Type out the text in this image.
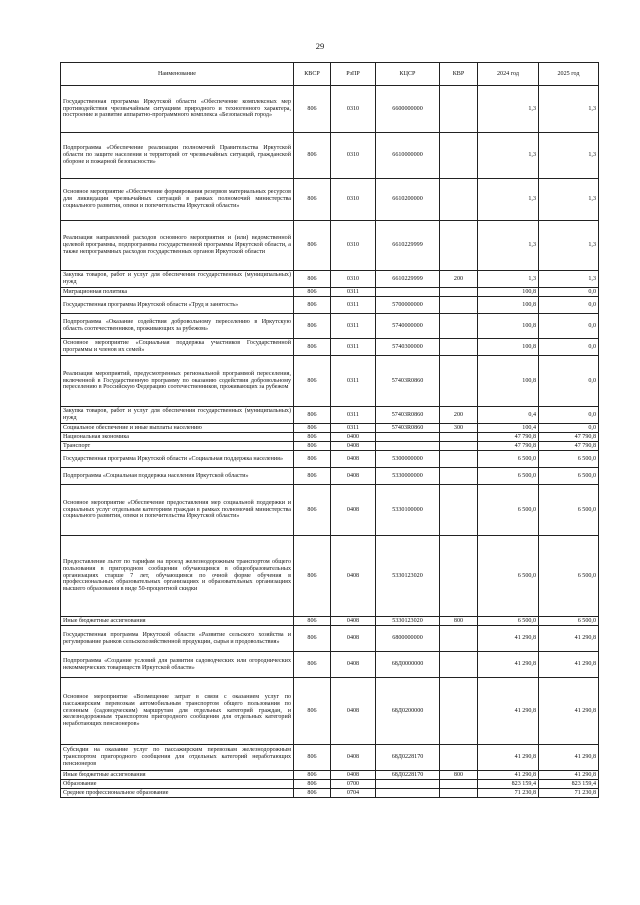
29
Наименование	КВСР	РзПР	КЦСР	КВР	2024 год	2025 год
Государственная программа Иркутской области «Обеспечение комплексных мер противодействия чрезвычайным ситуациям природного и техногенного характера, построение и развитие аппаратно-программного комплекса «Безопасный город»	806	0310	6600000000		1,3	1,3
Подпрограмма «Обеспечение реализации полномочий Правительства Иркутской области по защите населения и территорий от чрезвычайных ситуаций, гражданской обороне и пожарной безопасности»	806	0310	6610000000		1,3	1,3
Основное мероприятие «Обеспечение формирования резервов материальных ресурсов для ликвидации чрезвычайных ситуаций в рамках полномочий министерства социального развития, опеки и попечительства Иркутской области»	806	0310	6610200000		1,3	1,3
Реализация направлений расходов основного мероприятия и (или) ведомственной целевой программы, подпрограммы государственной программы Иркутской области, а также непрограммных расходов государственных органов Иркутской области	806	0310	6610229999		1,3	1,3
Закупка товаров, работ и услуг для обеспечения государственных (муниципальных) нужд	806	0310	6610229999	200	1,3	1,3
Миграционная политика	806	0311			100,8	0,0
Государственная программа Иркутской области «Труд и занятость»	806	0311	5700000000		100,8	0,0
Подпрограмма «Оказание содействия добровольному переселению в Иркутскую область соотечественников, проживающих за рубежом»	806	0311	5740000000		100,8	0,0
Основное мероприятие «Социальная поддержка участников Государственной программы и членов их семей»	806	0311	5740300000		100,8	0,0
Реализация мероприятий, предусмотренных региональной программой переселения, включенной в Государственную программу по оказанию содействия добровольному переселению в Российскую Федерацию соотечественников, проживающих за рубежом	806	0311	57403R0860		100,8	0,0
Закупка товаров, работ и услуг для обеспечения государственных (муниципальных) нужд	806	0311	57403R0860	200	0,4	0,0
Социальное обеспечение и иные выплаты населению	806	0311	57403R0860	300	100,4	0,0
Национальная экономика	806	0400			47 790,8	47 790,8
Транспорт	806	0408			47 790,8	47 790,8
Государственная программа Иркутской области «Социальная поддержка населения»	806	0408	5300000000		6 500,0	6 500,0
Подпрограмма «Социальная поддержка населения Иркутской области»	806	0408	5330000000		6 500,0	6 500,0
Основное мероприятие «Обеспечение предоставления мер социальной поддержки и социальных услуг отдельным категориям граждан в рамках полномочий министерства социального развития, опеки и попечительства Иркутской области»	806	0408	5330100000		6 500,0	6 500,0
Предоставление льгот по тарифам на проезд железнодорожным транспортом общего пользования в пригородном сообщении обучающимся в общеобразовательных организациях старше 7 лет, обучающимся по очной форме обучения в профессиональных образовательных организациях и образовательных организациях высшего образования в виде 50-процентной скидки	806	0408	5330123020		6 500,0	6 500,0
Иные бюджетные ассигнования	806	0408	5330123020	800	6 500,0	6 500,0
Государственная программа Иркутской области «Развитие сельского хозяйства и регулирование рынков сельскохозяйственной продукции, сырья и продовольствия»	806	0408	6800000000		41 290,8	41 290,8
Подпрограмма «Создание условий для развития садоводческих или огороднических некоммерческих товариществ Иркутской области»	806	0408	68Д0000000		41 290,8	41 290,8
Основное мероприятие «Возмещение затрат в связи с оказанием услуг по пассажирским перевозкам автомобильным транспортом общего пользования по сезонным (садоводческим) маршрутам для отдельных категорий граждан, и железнодорожным транспортом пригородного сообщения для отдельных категорий неработающих пенсионеров»	806	0408	68Д0200000		41 290,8	41 290,8
Субсидии на оказание услуг по пассажирским перевозкам железнодорожным транспортом пригородного сообщения для отдельных категорий неработающих пенсионеров	806	0408	68Д0228170		41 290,8	41 290,8
Иные бюджетные ассигнования	806	0408	68Д0228170	800	41 290,8	41 290,8
Образование	806	0700			823 159,4	823 159,4
Среднее профессиональное образование	806	0704			71 230,8	71 230,8
